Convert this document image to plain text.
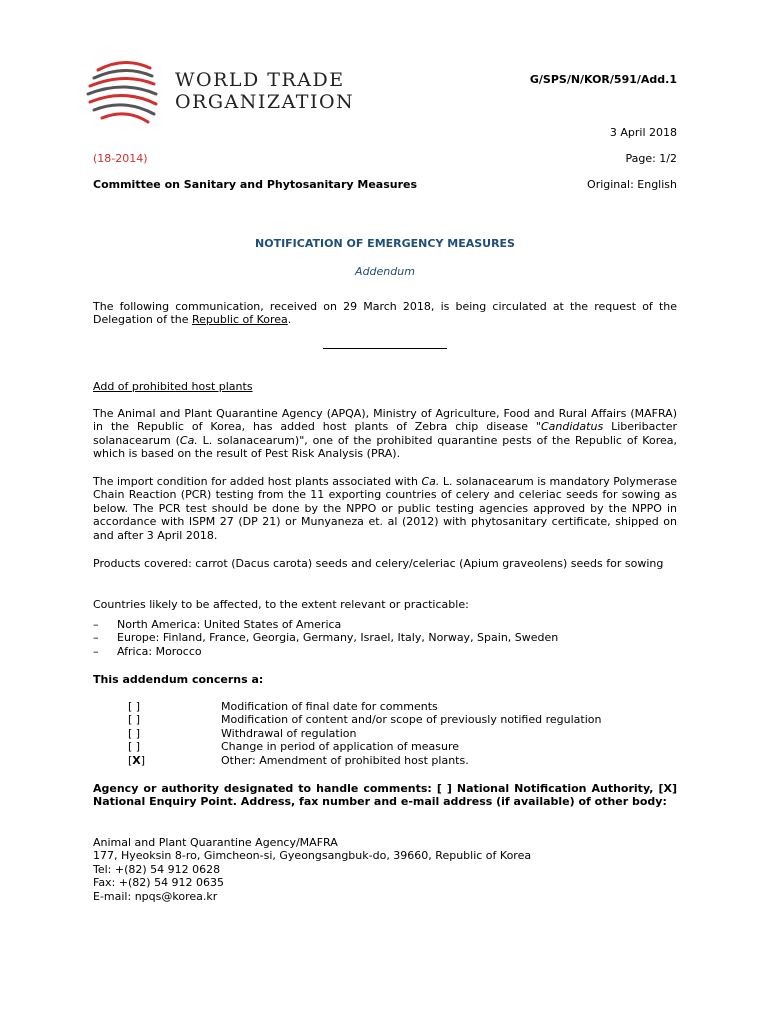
WORLD TRADE
ORGANIZATION
G/SPS/N/KOR/591/Add.1
3 April 2018
(18-2014)	Page: 1/2
Committee on Sanitary and Phytosanitary Measures	Original: English
NOTIFICATION OF EMERGENCY MEASURES
Addendum
The following communication, received on 29 March 2018, is being circulated at the request of the Delegation of the Republic of Korea.
Add of prohibited host plants
The Animal and Plant Quarantine Agency (APQA), Ministry of Agriculture, Food and Rural Affairs (MAFRA) in the Republic of Korea, has added host plants of Zebra chip disease "Candidatus Liberibacter solanacearum (Ca. L. solanacearum)", one of the prohibited quarantine pests of the Republic of Korea, which is based on the result of Pest Risk Analysis (PRA).
The import condition for added host plants associated with Ca. L. solanacearum is mandatory Polymerase Chain Reaction (PCR) testing from the 11 exporting countries of celery and celeriac seeds for sowing as below. The PCR test should be done by the NPPO or public testing agencies approved by the NPPO in accordance with ISPM 27 (DP 21) or Munyaneza et. al (2012) with phytosanitary certificate, shipped on and after 3 April 2018.
Products covered: carrot (Dacus carota) seeds and celery/celeriac (Apium graveolens) seeds for sowing
Countries likely to be affected, to the extent relevant or practicable:
– North America: United States of America
– Europe: Finland, France, Georgia, Germany, Israel, Italy, Norway, Spain, Sweden
– Africa: Morocco
This addendum concerns a:
[ ]	Modification of final date for comments
[ ]	Modification of content and/or scope of previously notified regulation
[ ]	Withdrawal of regulation
[ ]	Change in period of application of measure
[X]	Other: Amendment of prohibited host plants.
Agency or authority designated to handle comments: [ ] National Notification Authority, [X] National Enquiry Point. Address, fax number and e-mail address (if available) of other body:
Animal and Plant Quarantine Agency/MAFRA
177, Hyeoksin 8-ro, Gimcheon-si, Gyeongsangbuk-do, 39660, Republic of Korea
Tel: +(82) 54 912 0628
Fax: +(82) 54 912 0635
E-mail: npqs@korea.kr
